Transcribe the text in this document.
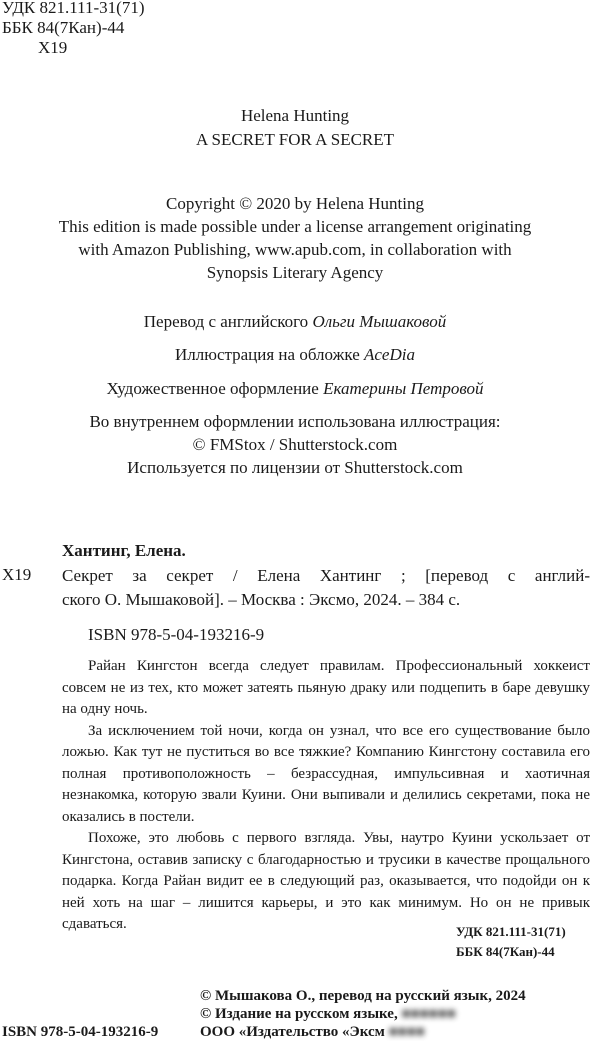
УДК 821.111-31(71)
ББК 84(7Кан)-44
Х19
Helena Hunting
A SECRET FOR A SECRET
Copyright © 2020 by Helena Hunting
This edition is made possible under a license arrangement originating
with Amazon Publishing, www.apub.com, in collaboration with
Synopsis Literary Agency
Перевод с английского Ольги Мышаковой
Иллюстрация на обложке AceDia
Художественное оформление Екатерины Петровой
Во внутреннем оформлении использована иллюстрация:
© FMStox / Shutterstock.com
Используется по лицензии от Shutterstock.com
Хантинг, Елена.
Х19 Секрет за секрет / Елена Хантинг ; [перевод с англий-
ского О. Мышаковой]. – Москва : Эксмо, 2024. – 384 с.
ISBN 978-5-04-193216-9

Райан Кингстон всегда следует правилам. Профессиональный хоккеист совсем не из тех, кто может затеять пьяную драку или подцепить в баре девушку на одну ночь.

За исключением той ночи, когда он узнал, что все его существование было ложью. Как тут не пуститься во все тяжкие? Компанию Кингстону составила его полная противоположность – безрассудная, импульсивная и хаотичная незнакомка, которую звали Куини. Они выпивали и делились секретами, пока не оказались в постели.

Похоже, это любовь с первого взгляда. Увы, наутро Куини ускользает от Кингстона, оставив записку с благодарностью и трусики в качестве прощального подарка. Когда Райан видит ее в следующий раз, оказывается, что подойди он к ней хоть на шаг – лишится карьеры, и это как минимум. Но он не привык сдаваться.	УДК 821.111-31(71)
ББК 84(7Кан)-44
© Мышакова О., перевод на русский язык, 2024
© Издание на русском языке, ■■■■■■
ООО «Издательство «Эксм ■■■■
ISBN 978-5-04-193216-9
